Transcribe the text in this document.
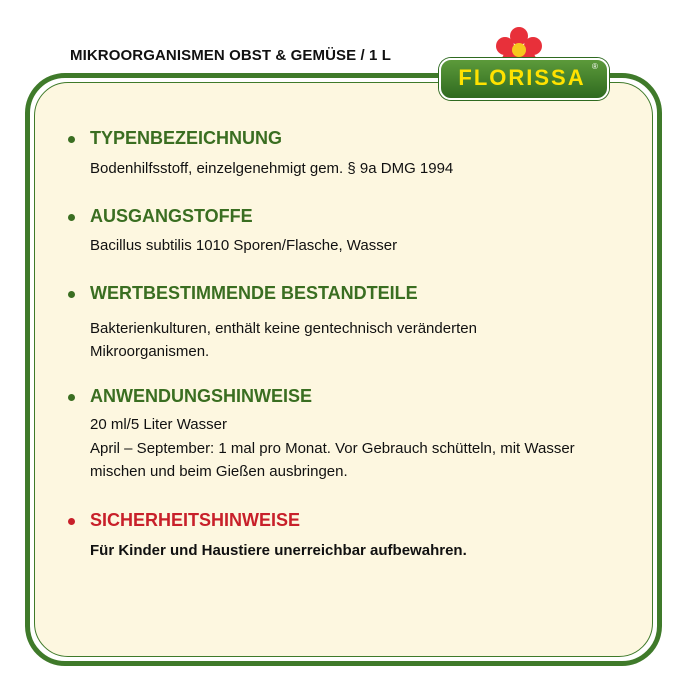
MIKROORGANISMEN OBST & GEMÜSE / 1 L
FLORISSA ®
TYPENBEZEICHNUNG
Bodenhilfsstoff, einzelgenehmigt gem. § 9a DMG 1994
AUSGANGSTOFFE
Bacillus subtilis 1010 Sporen/Flasche, Wasser
WERTBESTIMMENDE BESTANDTEILE
Bakterienkulturen, enthält keine gentechnisch veränderten
Mikroorganismen.
ANWENDUNGSHINWEISE
20 ml/5 Liter Wasser
April – September: 1 mal pro Monat. Vor Gebrauch schütteln, mit Wasser
mischen und beim Gießen ausbringen.
SICHERHEITSHINWEISE
Für Kinder und Haustiere unerreichbar aufbewahren.
